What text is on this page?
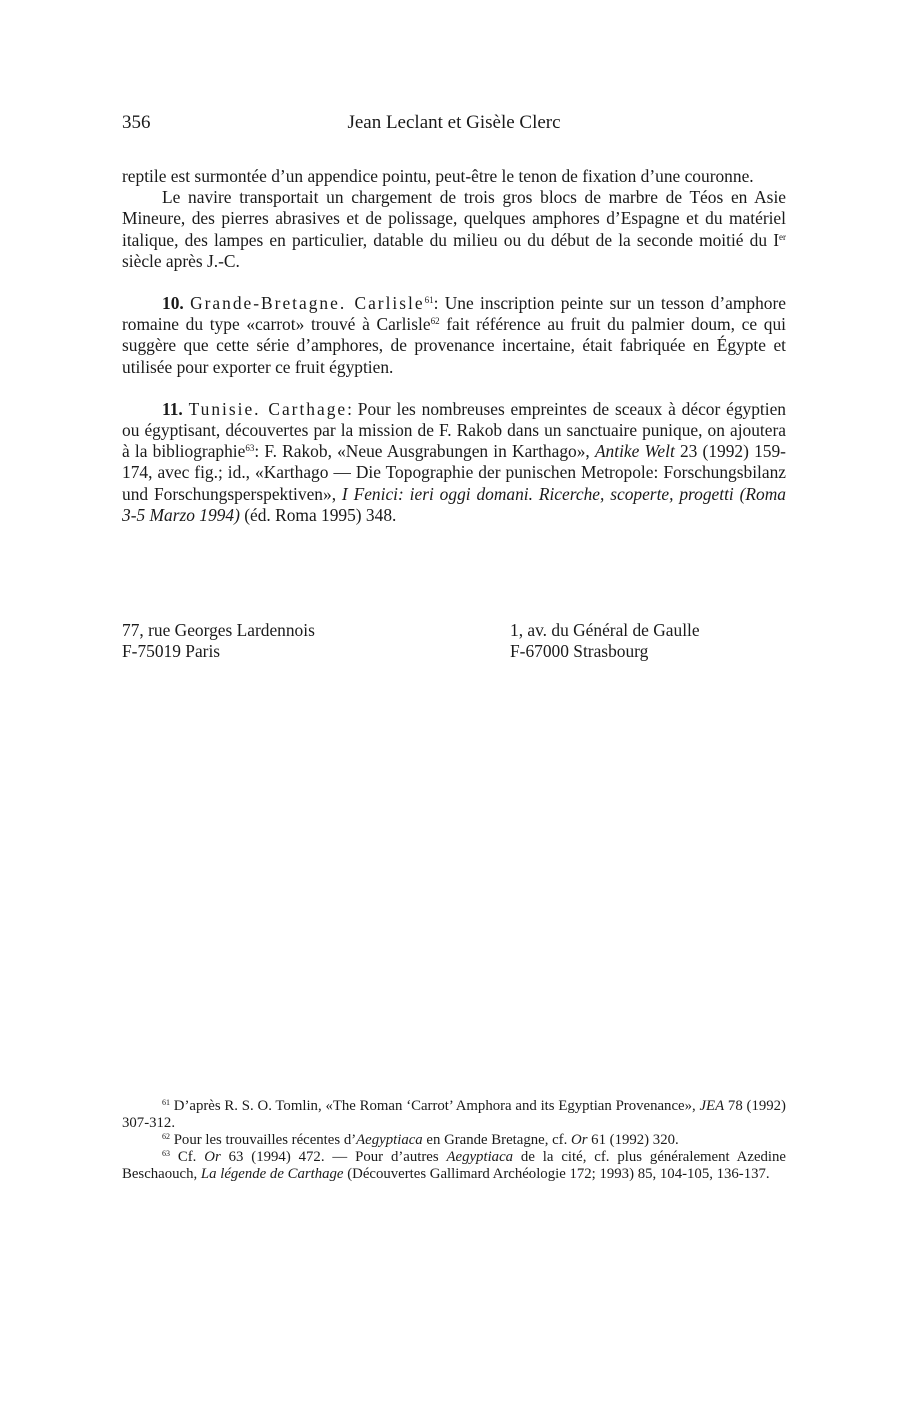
356	Jean Leclant et Gisèle Clerc

reptile est surmontée d’un appendice pointu, peut-être le tenon de fixation d’une couronne.

Le navire transportait un chargement de trois gros blocs de marbre de Téos en Asie Mineure, des pierres abrasives et de polissage, quelques amphores d’Espagne et du matériel italique, des lampes en particulier, datable du milieu ou du début de la seconde moitié du Ier siècle après J.-C.

10. Grande-Bretagne. Carlisle$^{61}$: Une inscription peinte sur un tesson d’amphore romaine du type «carrot» trouvé à Carlisle$^{62}$ fait référence au fruit du palmier doum, ce qui suggère que cette série d’amphores, de provenance incertaine, était fabriquée en Égypte et utilisée pour exporter ce fruit égyptien.

11. Tunisie. Carthage: Pour les nombreuses empreintes de sceaux à décor égyptien ou égyptisant, découvertes par la mission de F. Rakob dans un sanctuaire punique, on ajoutera à la bibliographie$^{63}$: F. Rakob, «Neue Ausgrabungen in Karthago», Antike Welt 23 (1992) 159-174, avec fig.; id., «Karthago — Die Topographie der punischen Metropole: Forschungsbilanz und Forschungsperspektiven», I Fenici: ieri oggi domani. Ricerche, scoperte, progetti (Roma 3-5 Marzo 1994) (éd. Roma 1995) 348.

77, rue Georges Lardennois
F-75019 Paris
1, av. du Général de Gaulle
F-67000 Strasbourg

$^{61}$ D’après R. S. O. Tomlin, «The Roman ‘Carrot’ Amphora and its Egyptian Provenance», JEA 78 (1992) 307-312.

$^{62}$ Pour les trouvailles récentes d’Aegyptiaca en Grande Bretagne, cf. Or 61 (1992) 320.

$^{63}$ Cf. Or 63 (1994) 472. — Pour d’autres Aegyptiaca de la cité, cf. plus généralement Azedine Beschaouch, La légende de Carthage (Découvertes Gallimard Archéologie 172; 1993) 85, 104-105, 136-137.
